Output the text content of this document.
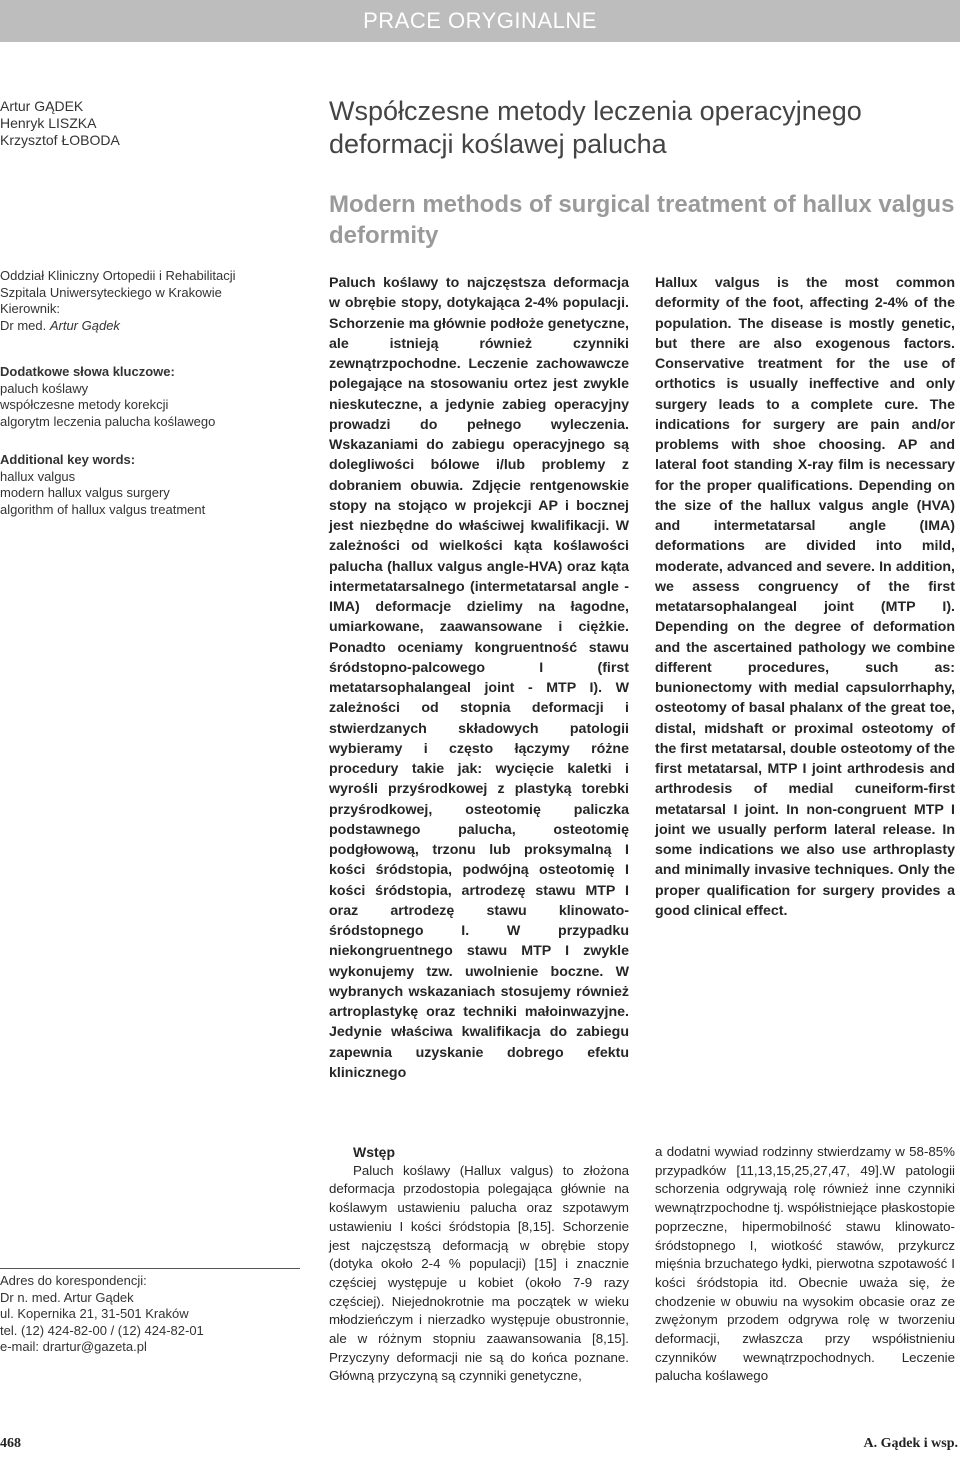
PRACE ORYGINALNE
Artur GĄDEK
Henryk LISZKA
Krzysztof ŁOBODA
Współczesne metody leczenia operacyjnego deformacji koślawej palucha
Modern methods of surgical treatment of hallux valgus deformity
Oddział Kliniczny Ortopedii i Rehabilitacji
Szpitala Uniwersyteckiego w Krakowie
Kierownik:
Dr med. Artur Gądek
Dodatkowe słowa kluczowe:
paluch koślawy
współczesne metody korekcji
algorytm leczenia palucha koślawego
Additional key words:
hallux valgus
modern hallux valgus surgery
algorithm of hallux valgus treatment
Paluch koślawy to najczęstsza deformacja w obrębie stopy, dotykająca 2-4% populacji. Schorzenie ma głównie podłoże genetyczne, ale istnieją również czynniki zewnątrzpochodne. Leczenie zachowawcze polegające na stosowaniu ortez jest zwykle nieskuteczne, a jedynie zabieg operacyjny prowadzi do pełnego wyleczenia. Wskazaniami do zabiegu operacyjnego są dolegliwości bólowe i/lub problemy z dobraniem obuwia. Zdjęcie rentgenowskie stopy na stojąco w projekcji AP i bocznej jest niezbędne do właściwej kwalifikacji. W zależności od wielkości kąta koślawości palucha (hallux valgus angle-HVA) oraz kąta intermetatarsalnego (intermetatarsal angle - IMA) deformacje dzielimy na łagodne, umiarkowane, zaawansowane i ciężkie. Ponadto oceniamy kongruentność stawu śródstopno-palcowego I (first metatarsophalangeal joint - MTP I). W zależności od stopnia deformacji i stwierdzanych składowych patologii wybieramy i często łączymy różne procedury takie jak: wycięcie kaletki i wyrośli przyśrodkowej z plastyką torebki przyśrodkowej, osteotomię paliczka podstawnego palucha, osteotomię podgłowową, trzonu lub proksymalną I kości śródstopia, podwójną osteotomię I kości śródstopia, artrodezę stawu MTP I oraz artrodezę stawu klinowato-śródstopnego I. W przypadku niekongruentnego stawu MTP I zwykle wykonujemy tzw. uwolnienie boczne. W wybranych wskazaniach stosujemy również artroplastykę oraz techniki małoinwazyjne. Jedynie właściwa kwalifikacja do zabiegu zapewnia uzyskanie dobrego efektu klinicznego
Hallux valgus is the most common deformity of the foot, affecting 2-4% of the population. The disease is mostly genetic, but there are also exogenous factors. Conservative treatment for the use of orthotics is usually ineffective and only surgery leads to a complete cure. The indications for surgery are pain and/or problems with shoe choosing. AP and lateral foot standing X-ray film is necessary for the proper qualifications. Depending on the size of the hallux valgus angle (HVA) and intermetatarsal angle (IMA) deformations are divided into mild, moderate, advanced and severe. In addition, we assess congruency of the first metatarsophalangeal joint (MTP I). Depending on the degree of deformation and the ascertained pathology we combine different procedures, such as: bunionectomy with medial capsulorrhaphy, osteotomy of basal phalanx of the great toe, distal, midshaft or proximal osteotomy of the first metatarsal, double osteotomy of the first metatarsal, MTP I joint arthrodesis and arthrodesis of medial cuneiform-first metatarsal I joint. In non-congruent MTP I joint we usually perform lateral release. In some indications we also use arthroplasty and minimally invasive techniques. Only the proper qualification for surgery provides a good clinical effect.
Wstęp

Paluch koślawy (Hallux valgus) to złożona deformacja przodostopia polegająca głównie na koślawym ustawieniu palucha oraz szpotawym ustawieniu I kości śródstopia [8,15]. Schorzenie jest najczęstszą deformacją w obrębie stopy (dotyka około 2-4 % populacji) [15] i znacznie częściej występuje u kobiet (około 7-9 razy częściej). Niejednokrotnie ma początek w wieku młodzieńczym i nierzadko występuje obustronnie, ale w różnym stopniu zaawansowania [8,15]. Przyczyny deformacji nie są do końca poznane. Główną przyczyną są czynniki genetyczne,

a dodatni wywiad rodzinny stwierdzamy w 58-85% przypadków [11,13,15,25,27,47, 49].W patologii schorzenia odgrywają rolę również inne czynniki wewnątrzpochodne tj. współistniejące płaskostopie poprzeczne, hipermobilność stawu klinowato-śródstopnego I, wiotkość stawów, przykurcz mięśnia brzuchatego łydki, pierwotna szpotawość I kości śródstopia itd. Obecnie uważa się, że chodzenie w obuwiu na wysokim obcasie oraz ze zwężonym przodem odgrywa rolę w tworzeniu deformacji, zwłaszcza przy współistnieniu czynników wewnątrzpochodnych. Leczenie palucha koślawego

Adres do korespondencji:
Dr n. med. Artur Gądek
ul. Kopernika 21, 31-501 Kraków
tel. (12) 424-82-00 / (12) 424-82-01
e-mail: drartur@gazeta.pl
468	A. Gądek i wsp.
